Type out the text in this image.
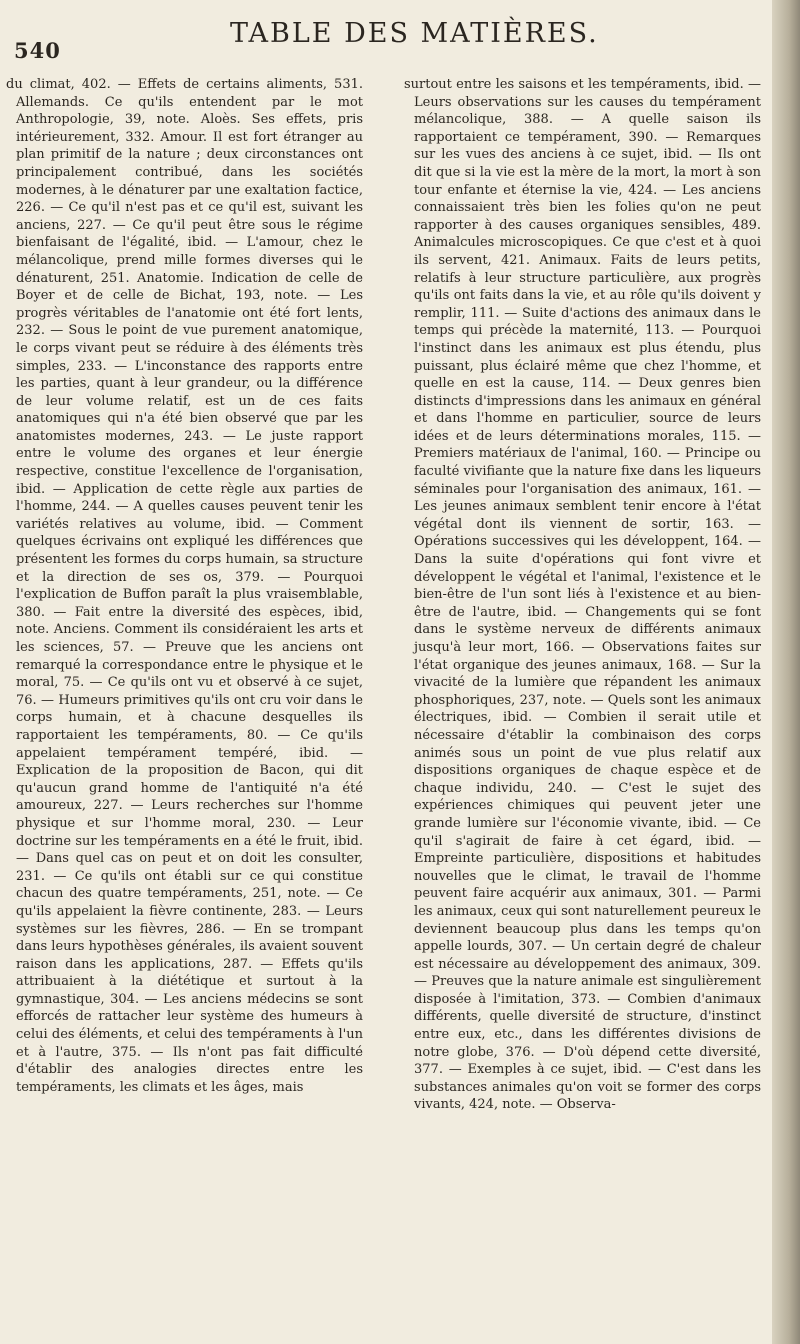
540
TABLE DES MATIÈRES.

du climat, 402. — Effets de certains aliments, 531. Allemands. Ce qu'ils entendent par le mot Anthropologie, 39, note. Aloès. Ses effets, pris intérieurement, 332. Amour. Il est fort étranger au plan primitif de la nature ; deux circonstances ont principalement contribué, dans les sociétés modernes, à le dénaturer par une exaltation factice, 226. — Ce qu'il n'est pas et ce qu'il est, suivant les anciens, 227. — Ce qu'il peut être sous le régime bienfaisant de l'égalité, ibid. — L'amour, chez le mélancolique, prend mille formes diverses qui le dénaturent, 251. Anatomie. Indication de celle de Boyer et de celle de Bichat, 193, note. — Les progrès véritables de l'anatomie ont été fort lents, 232. — Sous le point de vue purement anatomique, le corps vivant peut se réduire à des éléments très simples, 233. — L'inconstance des rapports entre les parties, quant à leur grandeur, ou la différence de leur volume relatif, est un de ces faits anatomiques qui n'a été bien observé que par les anatomistes modernes, 243. — Le juste rapport entre le volume des organes et leur énergie respective, constitue l'excellence de l'organisation, ibid. — Application de cette règle aux parties de l'homme, 244. — A quelles causes peuvent tenir les variétés relatives au volume, ibid. — Comment quelques écrivains ont expliqué les différences que présentent les formes du corps humain, sa structure et la direction de ses os, 379. — Pourquoi l'explication de Buffon paraît la plus vraisemblable, 380. — Fait entre la diversité des espèces, ibid, note. Anciens. Comment ils considéraient les arts et les sciences, 57. — Preuve que les anciens ont remarqué la correspondance entre le physique et le moral, 75. — Ce qu'ils ont vu et observé à ce sujet, 76. — Humeurs primitives qu'ils ont cru voir dans le corps humain, et à chacune desquelles ils rapportaient les tempéraments, 80. — Ce qu'ils appelaient tempérament tempéré, ibid. — Explication de la proposition de Bacon, qui dit qu'aucun grand homme de l'antiquité n'a été amoureux, 227. — Leurs recherches sur l'homme physique et sur l'homme moral, 230. — Leur doctrine sur les tempéraments en a été le fruit, ibid. — Dans quel cas on peut et on doit les consulter, 231. — Ce qu'ils ont établi sur ce qui constitue chacun des quatre tempéraments, 251, note. — Ce qu'ils appelaient la fièvre continente, 283. — Leurs systèmes sur les fièvres, 286. — En se trompant dans leurs hypothèses générales, ils avaient souvent raison dans les applications, 287. — Effets qu'ils attribuaient à la diététique et surtout à la gymnastique, 304. — Les anciens médecins se sont efforcés de rattacher leur système des humeurs à celui des éléments, et celui des tempéraments à l'un et à l'autre, 375. — Ils n'ont pas fait difficulté d'établir des analogies directes entre les tempéraments, les climats et les âges, mais

surtout entre les saisons et les tempéraments, ibid. — Leurs observations sur les causes du tempérament mélancolique, 388. — A quelle saison ils rapportaient ce tempérament, 390. — Remarques sur les vues des anciens à ce sujet, ibid. — Ils ont dit que si la vie est la mère de la mort, la mort à son tour enfante et éternise la vie, 424. — Les anciens connaissaient très bien les folies qu'on ne peut rapporter à des causes organiques sensibles, 489. Animalcules microscopiques. Ce que c'est et à quoi ils servent, 421. Animaux. Faits de leurs petits, relatifs à leur structure particulière, aux progrès qu'ils ont faits dans la vie, et au rôle qu'ils doivent y remplir, 111. — Suite d'actions des animaux dans le temps qui précède la maternité, 113. — Pourquoi l'instinct dans les animaux est plus étendu, plus puissant, plus éclairé même que chez l'homme, et quelle en est la cause, 114. — Deux genres bien distincts d'impressions dans les animaux en général et dans l'homme en particulier, source de leurs idées et de leurs déterminations morales, 115. — Premiers matériaux de l'animal, 160. — Principe ou faculté vivifiante que la nature fixe dans les liqueurs séminales pour l'organisation des animaux, 161. — Les jeunes animaux semblent tenir encore à l'état végétal dont ils viennent de sortir, 163. — Opérations successives qui les développent, 164. — Dans la suite d'opérations qui font vivre et développent le végétal et l'animal, l'existence et le bien-être de l'un sont liés à l'existence et au bien-être de l'autre, ibid. — Changements qui se font dans le système nerveux de différents animaux jusqu'à leur mort, 166. — Observations faites sur l'état organique des jeunes animaux, 168. — Sur la vivacité de la lumière que répandent les animaux phosphoriques, 237, note. — Quels sont les animaux électriques, ibid. — Combien il serait utile et nécessaire d'établir la combinaison des corps animés sous un point de vue plus relatif aux dispositions organiques de chaque espèce et de chaque individu, 240. — C'est le sujet des expériences chimiques qui peuvent jeter une grande lumière sur l'économie vivante, ibid. — Ce qu'il s'agirait de faire à cet égard, ibid. — Empreinte particulière, dispositions et habitudes nouvelles que le climat, le travail de l'homme peuvent faire acquérir aux animaux, 301. — Parmi les animaux, ceux qui sont naturellement peureux le deviennent beaucoup plus dans les temps qu'on appelle lourds, 307. — Un certain degré de chaleur est nécessaire au développement des animaux, 309. — Preuves que la nature animale est singulièrement disposée à l'imitation, 373. — Combien d'animaux différents, quelle diversité de structure, d'instinct entre eux, etc., dans les différentes divisions de notre globe, 376. — D'où dépend cette diversité, 377. — Exemples à ce sujet, ibid. — C'est dans les substances animales qu'on voit se former des corps vivants, 424, note. — Observa-
